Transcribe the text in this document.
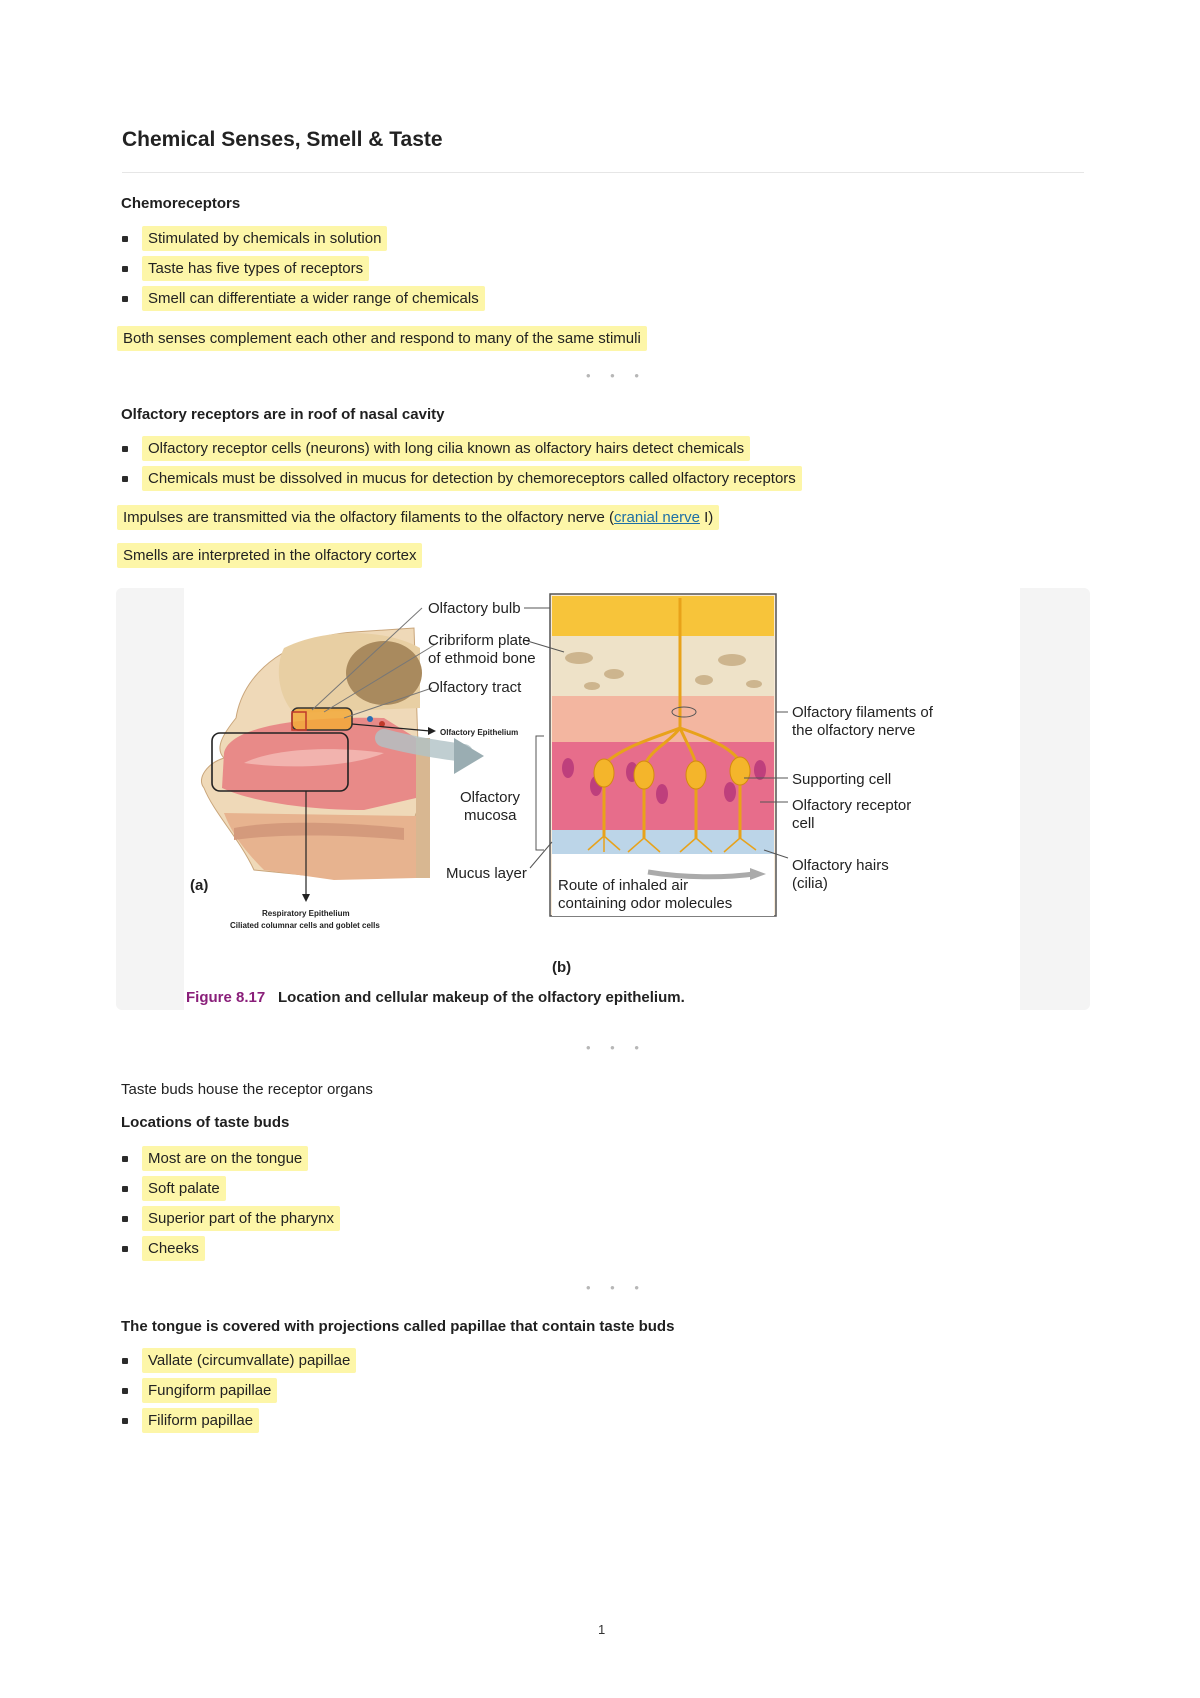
Chemical Senses, Smell & Taste
Chemoreceptors
Stimulated by chemicals in solution
Taste has five types of receptors
Smell can differentiate a wider range of chemicals
Both senses complement each other and respond to many of the same stimuli
• • •
Olfactory receptors are in roof of nasal cavity
Olfactory receptor cells (neurons) with long cilia known as olfactory hairs detect chemicals
Chemicals must be dissolved in mucus for detection by chemoreceptors called olfactory receptors
Impulses are transmitted via the olfactory filaments to the olfactory nerve (cranial nerve I)
Smells are interpreted in the olfactory cortex
Olfactory bulb
Cribriform plate
of ethmoid bone
Olfactory tract
Olfactory Epithelium
Olfactory
mucosa
Mucus layer
(a)
Respiratory Epithelium
Ciliated columnar cells and goblet cells
Olfactory filaments of
the olfactory nerve
Supporting cell
Olfactory receptor
cell
Olfactory hairs
(cilia)
Route of inhaled air
containing odor molecules
(b)
Figure 8.17 Location and cellular makeup of the olfactory epithelium.
• • •
Taste buds house the receptor organs
Locations of taste buds
Most are on the tongue
Soft palate
Superior part of the pharynx
Cheeks
• • •
The tongue is covered with projections called papillae that contain taste buds
Vallate (circumvallate) papillae
Fungiform papillae
Filiform papillae
1
